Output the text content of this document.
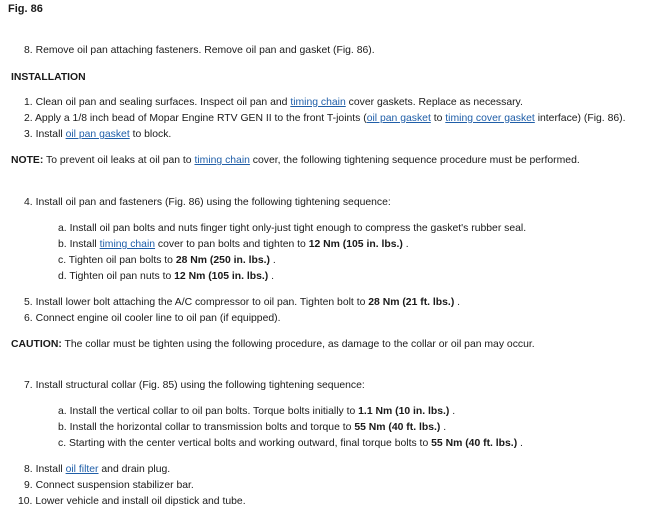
Fig. 86
8. Remove oil pan attaching fasteners. Remove oil pan and gasket (Fig. 86).
INSTALLATION
1. Clean oil pan and sealing surfaces. Inspect oil pan and timing chain cover gaskets. Replace as necessary.
2. Apply a 1/8 inch bead of Mopar Engine RTV GEN II to the front T-joints (oil pan gasket to timing cover gasket interface) (Fig. 86).
3. Install oil pan gasket to block.
NOTE: To prevent oil leaks at oil pan to timing chain cover, the following tightening sequence procedure must be performed.
4. Install oil pan and fasteners (Fig. 86) using the following tightening sequence:
a. Install oil pan bolts and nuts finger tight only-just tight enough to compress the gasket's rubber seal.
b. Install timing chain cover to pan bolts and tighten to 12 Nm (105 in. lbs.) .
c. Tighten oil pan bolts to 28 Nm (250 in. lbs.) .
d. Tighten oil pan nuts to 12 Nm (105 in. lbs.) .
5. Install lower bolt attaching the A/C compressor to oil pan. Tighten bolt to 28 Nm (21 ft. lbs.) .
6. Connect engine oil cooler line to oil pan (if equipped).
CAUTION: The collar must be tighten using the following procedure, as damage to the collar or oil pan may occur.
7. Install structural collar (Fig. 85) using the following tightening sequence:
a. Install the vertical collar to oil pan bolts. Torque bolts initially to 1.1 Nm (10 in. lbs.) .
b. Install the horizontal collar to transmission bolts and torque to 55 Nm (40 ft. lbs.) .
c. Starting with the center vertical bolts and working outward, final torque bolts to 55 Nm (40 ft. lbs.) .
8. Install oil filter and drain plug.
9. Connect suspension stabilizer bar.
10. Lower vehicle and install oil dipstick and tube.
